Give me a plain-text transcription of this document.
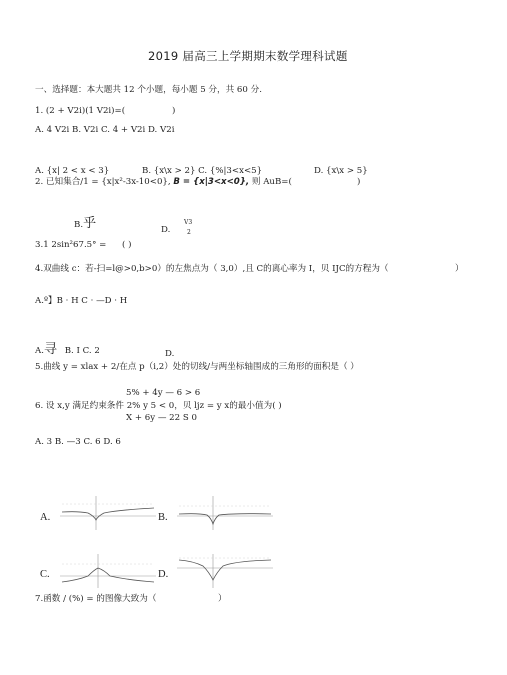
2019 届高三上学期期末数学理科试题
一、选择题：本大题共 12 个小题，每小题 5 分，共 60 分.
1. (2 + V2i)(1 V2i)=(	)
A. 4 V2i B. V2i C. 4 + V2i D. V2i
A. {x| 2 < x < 3}	B. {x\x > 2} C. {%|3<x<5}	D. {x\x > 5}
2. 已知集合/1 = {x|x²-3x-10<0}, B = {x|3<x<0}, 则 AuB=(	)
B.乎	D.
V3
2
3.1 2sin²67.5° = ( )
4.双曲线 c：若-扫=l@>0,b>0）的左焦点为（ 3,0）,且 C的离心率为 I，贝 IJC的方程为（	）
A.º】B · H C · —D · H
A.寻 B. I C. 2	D.
5.曲线 y = xlax + 2/在点 p（i,2）处的切线/与两坐标轴围成的三角形的面积是（ ）
5% + 4y — 6 > 6
6. 设 x,y 满足约束条件 2% y 5 < 0，贝 ljz = y x的最小值为( )
X + 6y — 22 S 0
A. 3 B. —3 C. 6 D. 6
A.	B.
C.	D.
7.函数 / (%) = 的图像大致为（	）
